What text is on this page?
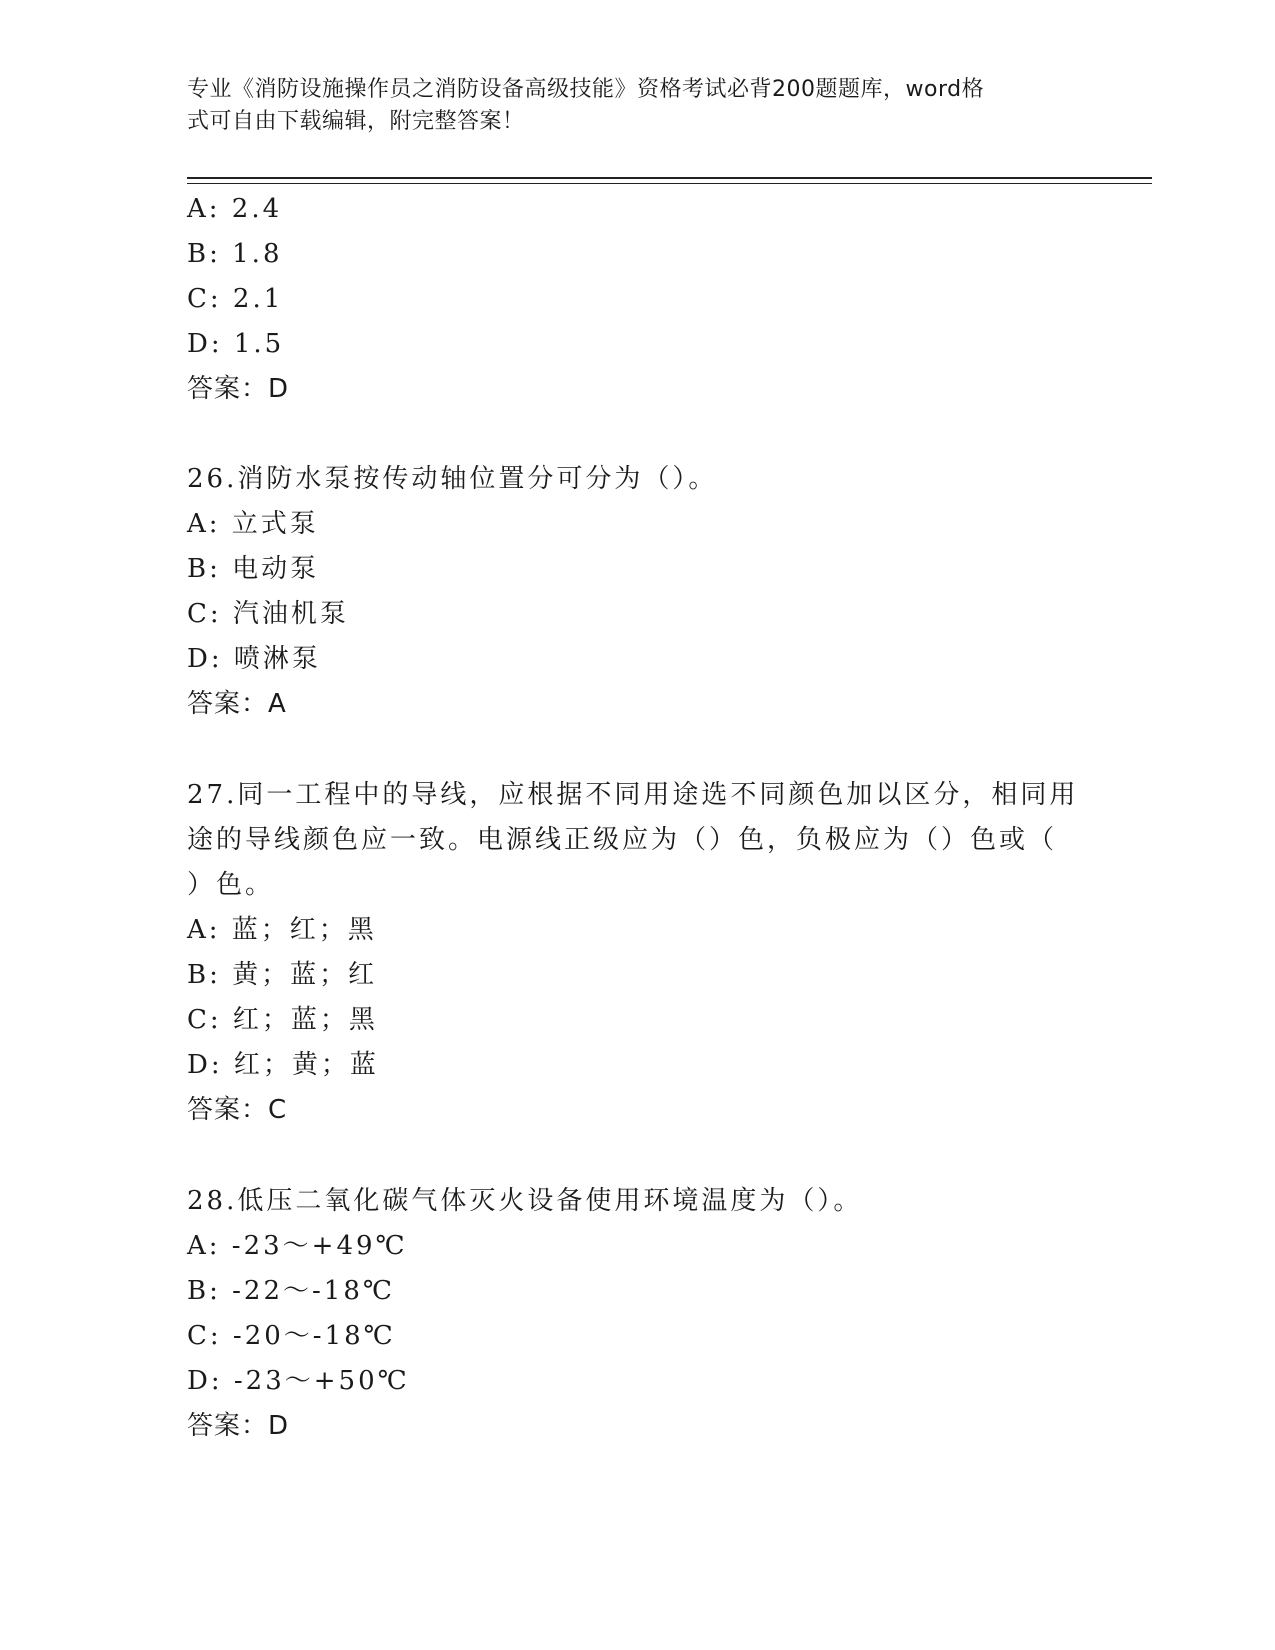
专业《消防设施操作员之消防设备高级技能》资格考试必背200题题库，word格
式可自由下载编辑，附完整答案！
A: 2.4
B: 1.8
C: 2.1
D: 1.5
答案：D
26.消防水泵按传动轴位置分可分为（）。
A: 立式泵
B: 电动泵
C: 汽油机泵
D: 喷淋泵
答案：A
27.同一工程中的导线，应根据不同用途选不同颜色加以区分，相同用
途的导线颜色应一致。电源线正级应为（）色，负极应为（）色或（
）色。
A: 蓝；红；黑
B: 黄；蓝；红
C: 红；蓝；黑
D: 红；黄；蓝
答案：C
28.低压二氧化碳气体灭火设备使用环境温度为（）。
A: -23～+49℃
B: -22～-18℃
C: -20～-18℃
D: -23～+50℃
答案：D
